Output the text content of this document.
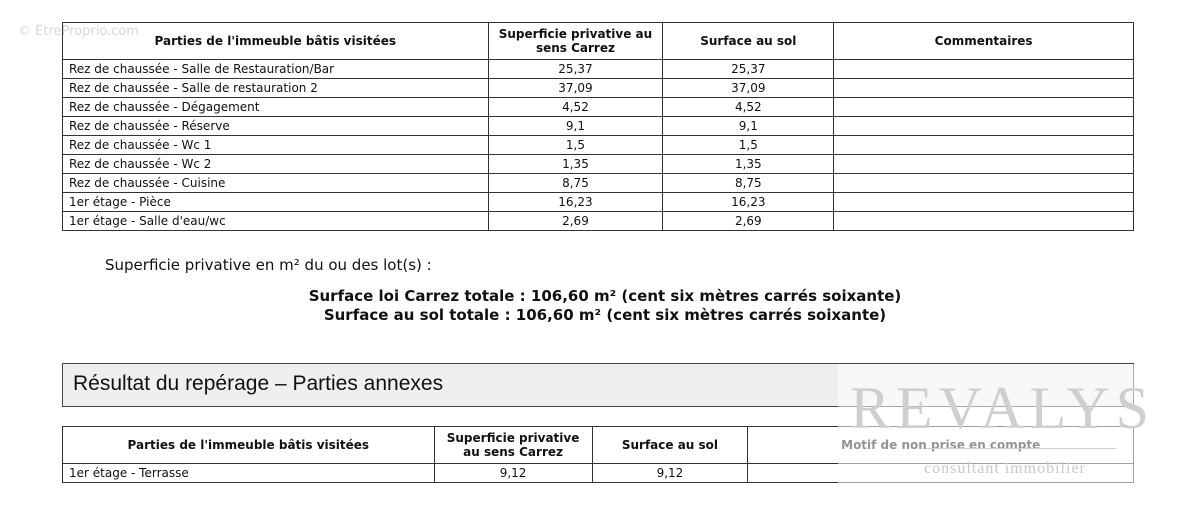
© EtreProprio.com
Parties de l'immeuble bâtis visitées	Superficie privative au sens Carrez	Surface au sol	Commentaires
Rez de chaussée - Salle de Restauration/Bar	25,37	25,37	
Rez de chaussée - Salle de restauration 2	37,09	37,09	
Rez de chaussée - Dégagement	4,52	4,52	
Rez de chaussée - Réserve	9,1	9,1	
Rez de chaussée - Wc 1	1,5	1,5	
Rez de chaussée - Wc 2	1,35	1,35	
Rez de chaussée - Cuisine	8,75	8,75	
1er étage - Pièce	16,23	16,23	
1er étage - Salle d'eau/wc	2,69	2,69	
Superficie privative en m² du ou des lot(s) :
Surface loi Carrez totale : 106,60 m² (cent six mètres carrés soixante)
Surface au sol totale : 106,60 m² (cent six mètres carrés soixante)
Résultat du repérage – Parties annexes
Parties de l'immeuble bâtis visitées	Superficie privative au sens Carrez	Surface au sol	
1er étage - Terrasse	9,12	9,12	
REVALYS
consultant immobilier
